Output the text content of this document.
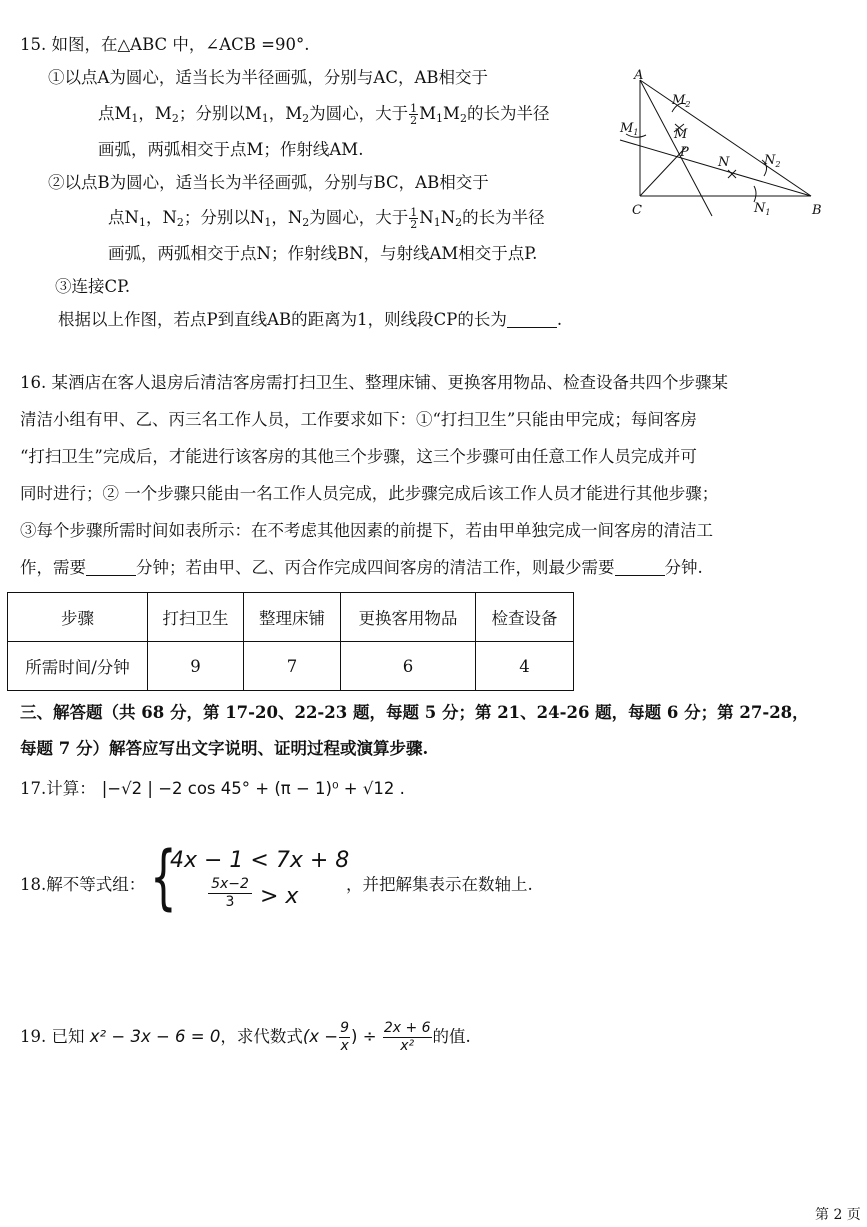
15. 如图，在△ABC 中，∠ACB =90°.
①以点A为圆心，适当长为半径画弧，分别与AC，AB相交于
点$M_1$，$M_2$；分别以$M_1$，$M_2$为圆心，大于 $\frac{1}{2} M_1M_2$的长为半径
画弧，两弧相交于点M；作射线AM.
②以点B为圆心，适当长为半径画弧，分别与BC，AB相交于
点$N_1$，$N_2$；分别以$N_1$，$N_2$为圆心，大于 $\frac{1}{2} N_1N_2$的长为半径
画弧，两弧相交于点N；作射线BN，与射线AM相交于点P.
③连接CP.
根据以上作图，若点P到直线AB的距离为1，则线段CP的长为	.
A
B
C
P
M
$M_2$
$M_1$
N	$N_2$
$N_1$
16. 某酒店在客人退房后清洁客房需打扫卫生、整理床铺、更换客用物品、检查设备共四个步骤某
清洁小组有甲、乙、丙三名工作人员，工作要求如下：①“打扫卫生”只能由甲完成；每间客房
“打扫卫生”完成后，才能进行该客房的其他三个步骤，这三个步骤可由任意工作人员完成并可
同时进行；② 一个步骤只能由一名工作人员完成，此步骤完成后该工作人员才能进行其他步骤；
③每个步骤所需时间如表所示：在不考虑其他因素的前提下，若由甲单独完成一间客房的清洁工
作，需要	分钟；若由甲、乙、丙合作完成四间客房的清洁工作，则最少需要	分钟.
步骤	打扫卫生	整理床铺	更换客用物品	检查设备
所需时间/分钟	9	7	6	4
三、解答题（共 68 分，第 17-20、22-23 题，每题 5 分；第 21、24-26 题，每题 6 分；第 27-28，
每题 7 分）解答应写出文字说明、证明过程或演算步骤.
17.计算： |−√2 | −2 cos 45° + (π − 1)⁰ + √12 .
18.解不等式组： {
4x − 1 < 7x + 8
5x−2
3	> x	，并把解集表示在数轴上.
19. 已知 x² − 3x − 6 = 0，求代数式($x - \frac{9}{x}$ ) ÷ $\frac{2x + 6}{\text{x²}}$ 的值.
第 2 页
